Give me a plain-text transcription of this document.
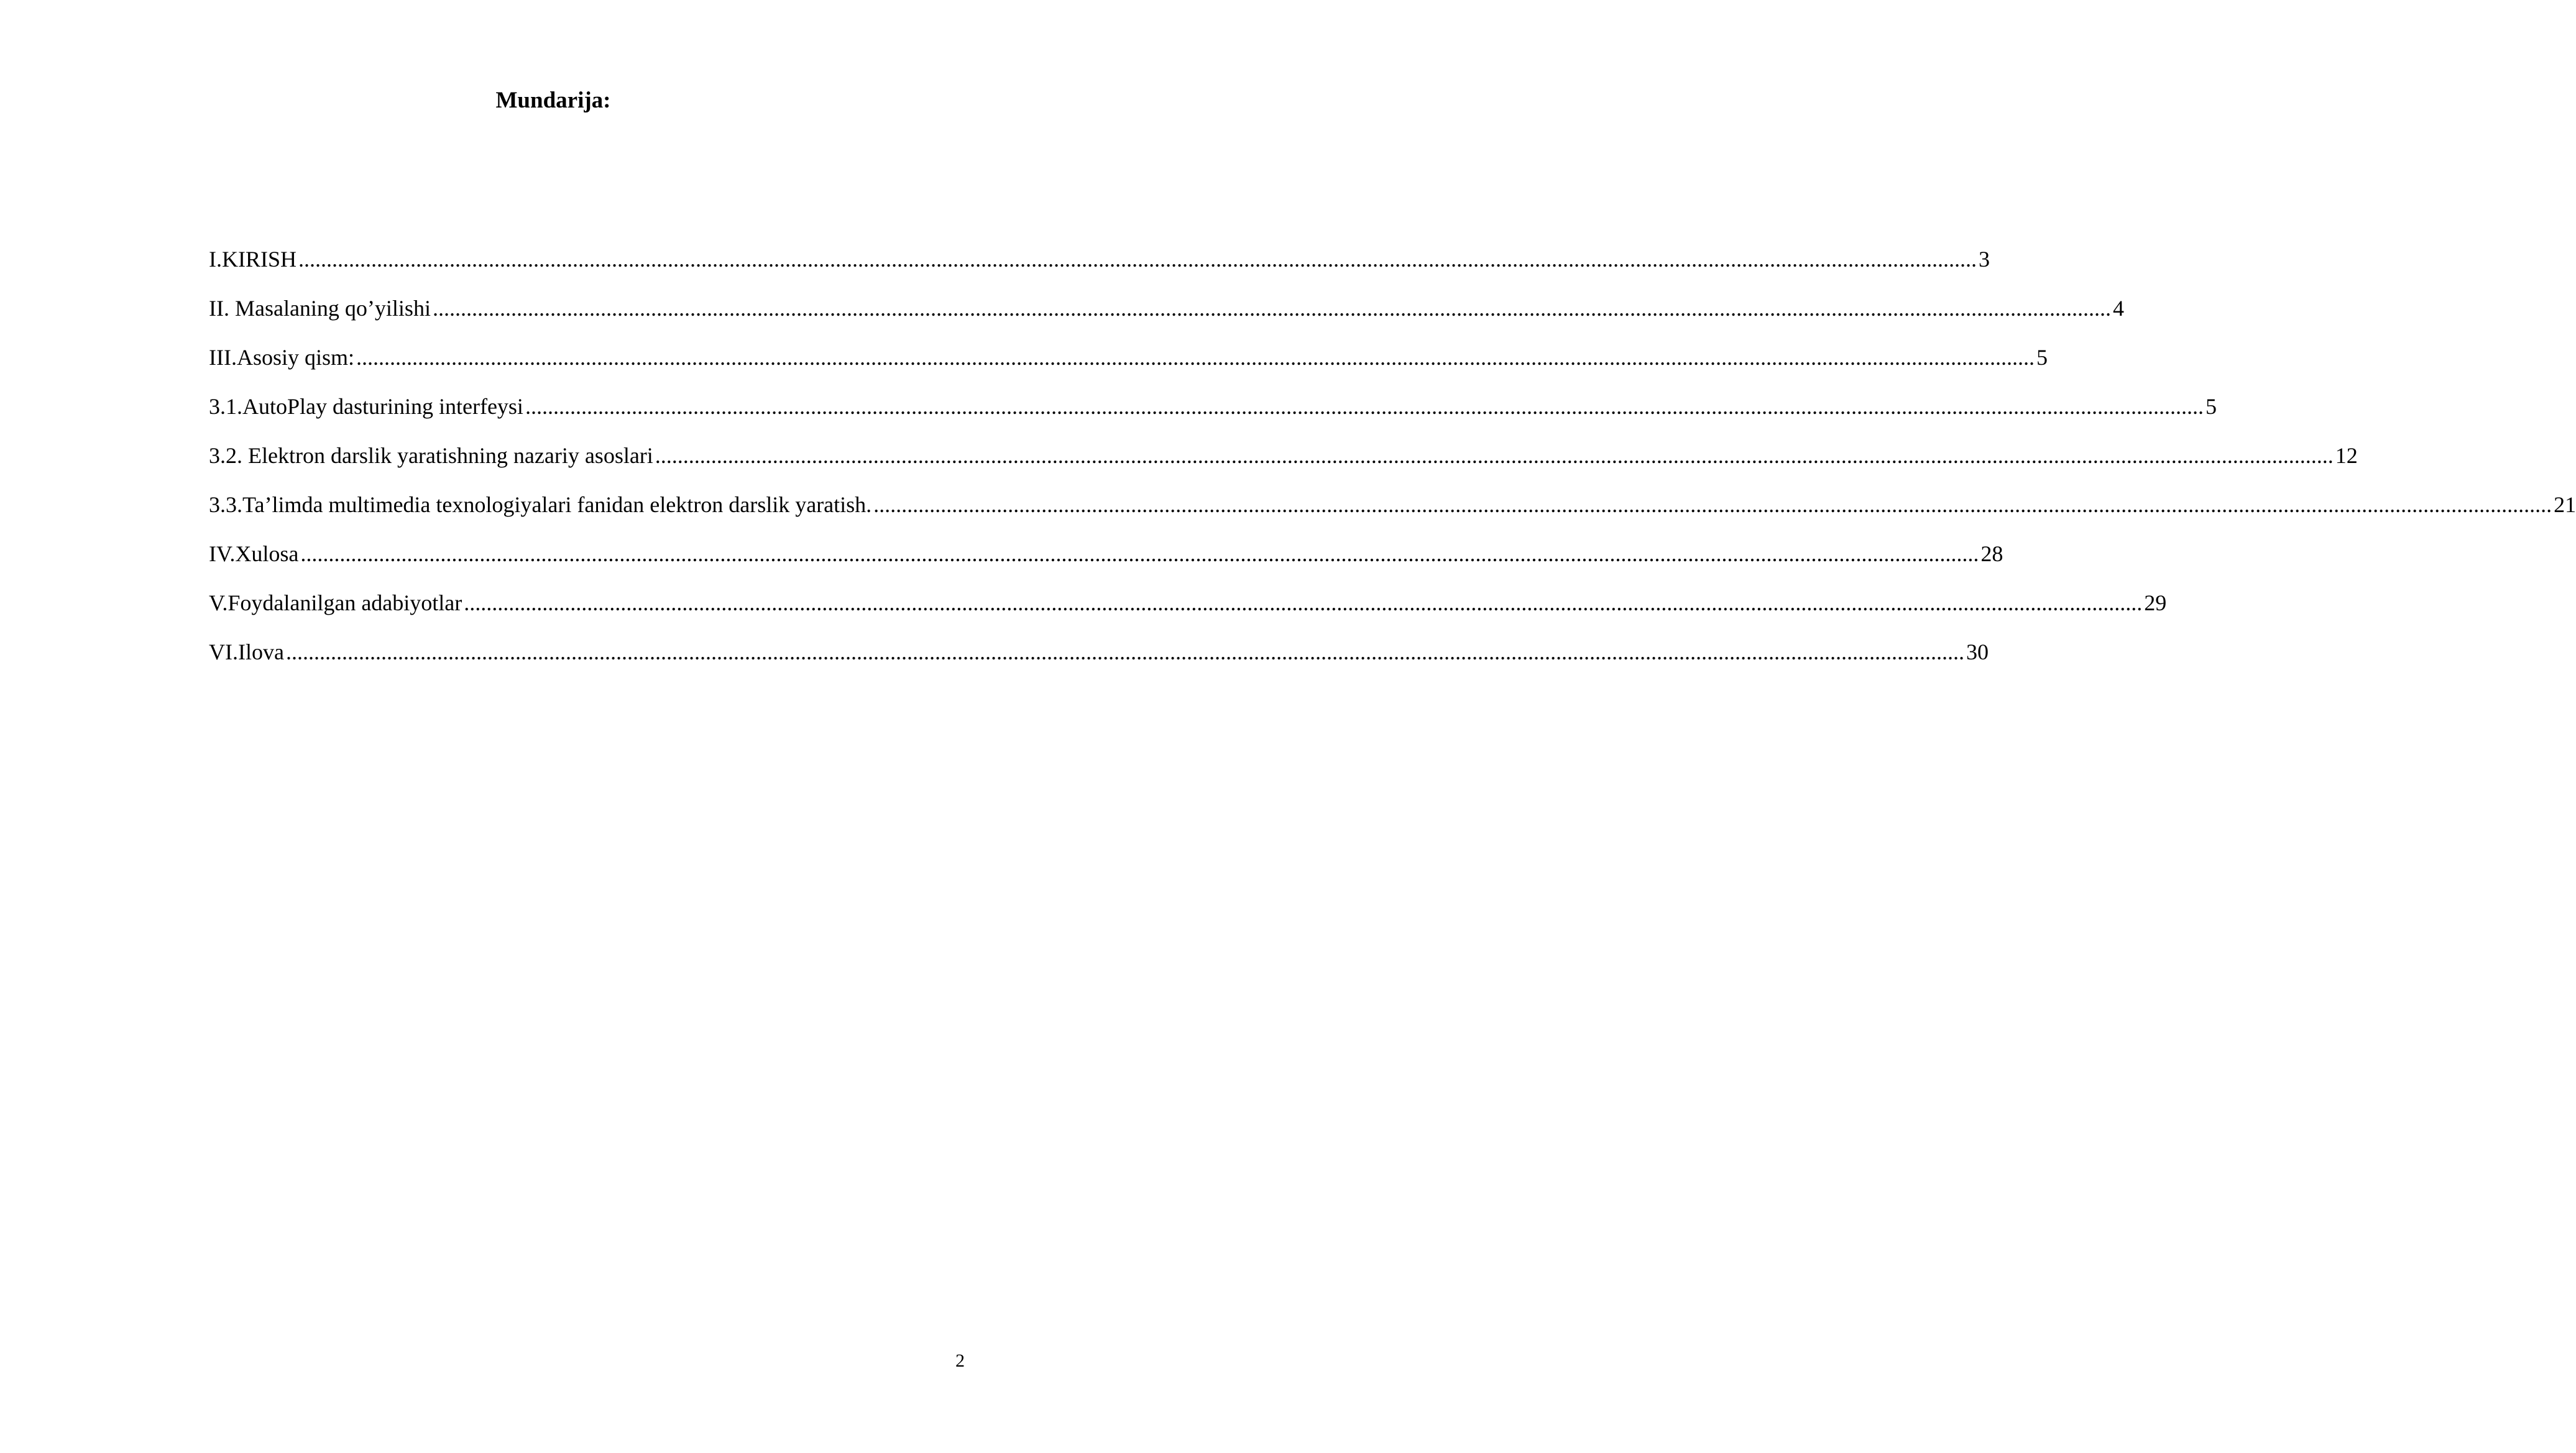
Mundarija:
I.KIRISH ............................................................................................................................................................................................................................................................................................................ 3
II. Masalaning qo’yilishi ............................................................................................................................................................................................................................................................................................................ 4
III.Asosiy qism: ............................................................................................................................................................................................................................................................................................................ 5
3.1.AutoPlay dasturining interfeysi ............................................................................................................................................................................................................................................................................................................ 5
3.2. Elektron darslik yaratishning nazariy asoslari ............................................................................................................................................................................................................................................................................................................ 12
3.3.Ta’limda multimedia texnologiyalari fanidan elektron darslik yaratish. ............................................................................................................................................................................................................................................................................................................ 21
IV.Xulosa ............................................................................................................................................................................................................................................................................................................ 28
V.Foydalanilgan adabiyotlar ............................................................................................................................................................................................................................................................................................................ 29
VI.Ilova ............................................................................................................................................................................................................................................................................................................ 30
2
